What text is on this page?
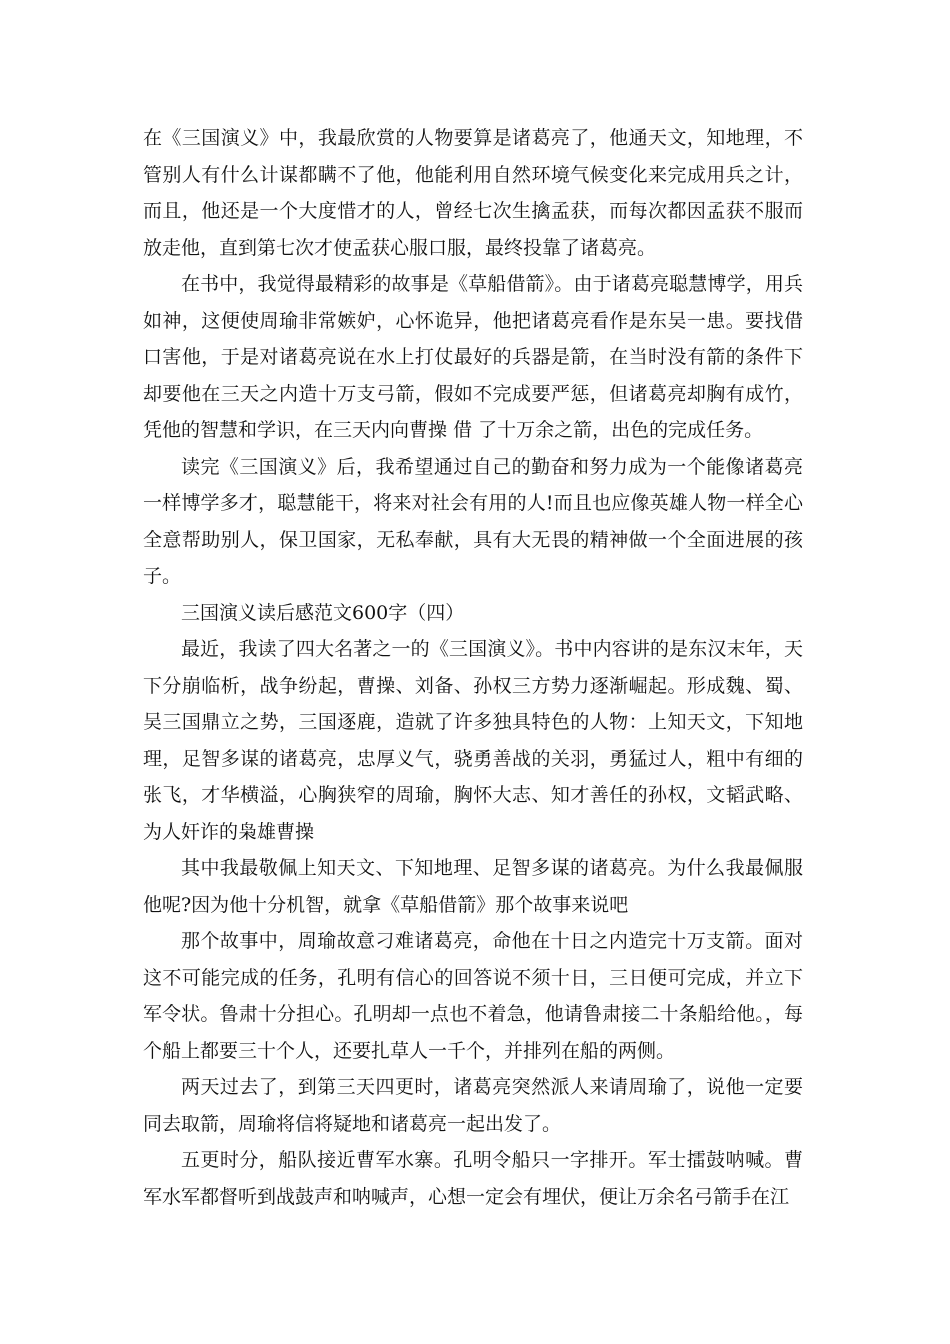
在《三国演义》中，我最欣赏的人物要算是诸葛亮了，他通天文，知地理，不管别人有什么计谋都瞒不了他，他能利用自然环境气候变化来完成用兵之计，而且，他还是一个大度惜才的人，曾经七次生擒孟获，而每次都因孟获不服而放走他，直到第七次才使孟获心服口服，最终投靠了诸葛亮。

在书中，我觉得最精彩的故事是《草船借箭》。由于诸葛亮聪慧博学，用兵如神，这便使周瑜非常嫉妒，心怀诡异，他把诸葛亮看作是东吴一患。要找借口害他，于是对诸葛亮说在水上打仗最好的兵器是箭，在当时没有箭的条件下却要他在三天之内造十万支弓箭，假如不完成要严惩，但诸葛亮却胸有成竹，凭他的智慧和学识，在三天内向曹操 借 了十万余之箭，出色的完成任务。

读完《三国演义》后，我希望通过自己的勤奋和努力成为一个能像诸葛亮一样博学多才，聪慧能干，将来对社会有用的人!而且也应像英雄人物一样全心全意帮助别人，保卫国家，无私奉献，具有大无畏的精神做一个全面进展的孩子。

三国演义读后感范文600字（四）

最近，我读了四大名著之一的《三国演义》。书中内容讲的是东汉末年，天下分崩临析，战争纷起，曹操、刘备、孙权三方势力逐渐崛起。形成魏、蜀、吴三国鼎立之势，三国逐鹿，造就了许多独具特色的人物：上知天文，下知地理，足智多谋的诸葛亮，忠厚义气，骁勇善战的关羽，勇猛过人，粗中有细的张飞，才华横溢，心胸狭窄的周瑜，胸怀大志、知才善任的孙权，文韬武略、为人奸诈的枭雄曹操

其中我最敬佩上知天文、下知地理、足智多谋的诸葛亮。为什么我最佩服他呢?因为他十分机智，就拿《草船借箭》那个故事来说吧

那个故事中，周瑜故意刁难诸葛亮，命他在十日之内造完十万支箭。面对这不可能完成的任务，孔明有信心的回答说不须十日，三日便可完成，并立下军令状。鲁肃十分担心。孔明却一点也不着急，他请鲁肃接二十条船给他。，每个船上都要三十个人，还要扎草人一千个，并排列在船的两侧。

两天过去了，到第三天四更时，诸葛亮突然派人来请周瑜了，说他一定要同去取箭，周瑜将信将疑地和诸葛亮一起出发了。

五更时分，船队接近曹军水寨。孔明令船只一字排开。军士擂鼓呐喊。曹军水军都督听到战鼓声和呐喊声，心想一定会有埋伏，便让万余名弓箭手在江
